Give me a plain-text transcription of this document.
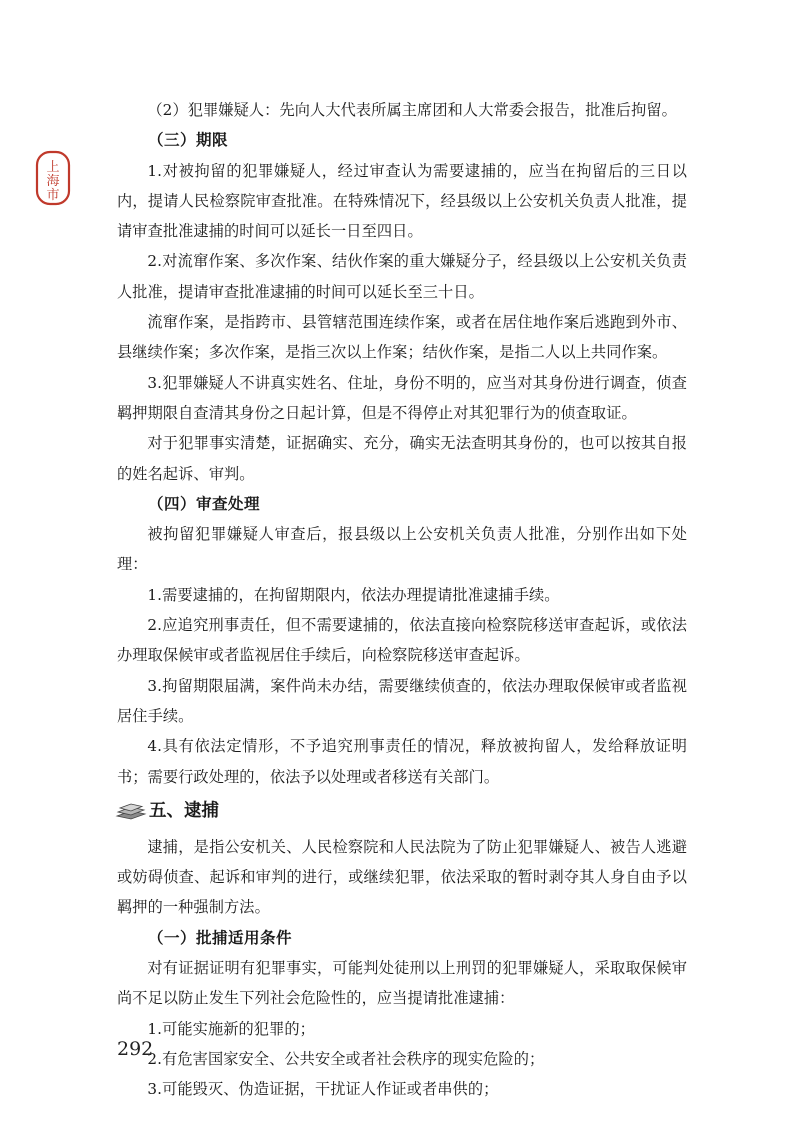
上
海
市

（2）犯罪嫌疑人：先向人大代表所属主席团和人大常委会报告，批准后拘留。

（三）期限

1.对被拘留的犯罪嫌疑人，经过审查认为需要逮捕的，应当在拘留后的三日以内，提请人民检察院审查批准。在特殊情况下，经县级以上公安机关负责人批准，提请审查批准逮捕的时间可以延长一日至四日。

2.对流窜作案、多次作案、结伙作案的重大嫌疑分子，经县级以上公安机关负责人批准，提请审查批准逮捕的时间可以延长至三十日。

流窜作案，是指跨市、县管辖范围连续作案，或者在居住地作案后逃跑到外市、县继续作案；多次作案，是指三次以上作案；结伙作案，是指二人以上共同作案。

3.犯罪嫌疑人不讲真实姓名、住址，身份不明的，应当对其身份进行调查，侦查羁押期限自查清其身份之日起计算，但是不得停止对其犯罪行为的侦查取证。

对于犯罪事实清楚，证据确实、充分，确实无法查明其身份的，也可以按其自报的姓名起诉、审判。

（四）审查处理

被拘留犯罪嫌疑人审查后，报县级以上公安机关负责人批准，分别作出如下处理：

1.需要逮捕的，在拘留期限内，依法办理提请批准逮捕手续。

2.应追究刑事责任，但不需要逮捕的，依法直接向检察院移送审查起诉，或依法办理取保候审或者监视居住手续后，向检察院移送审查起诉。

3.拘留期限届满，案件尚未办结，需要继续侦查的，依法办理取保候审或者监视居住手续。

4.具有依法定情形，不予追究刑事责任的情况，释放被拘留人，发给释放证明书；需要行政处理的，依法予以处理或者移送有关部门。

五、逮捕

逮捕，是指公安机关、人民检察院和人民法院为了防止犯罪嫌疑人、被告人逃避或妨碍侦查、起诉和审判的进行，或继续犯罪，依法采取的暂时剥夺其人身自由予以羁押的一种强制方法。

（一）批捕适用条件

对有证据证明有犯罪事实，可能判处徒刑以上刑罚的犯罪嫌疑人，采取取保候审尚不足以防止发生下列社会危险性的，应当提请批准逮捕：

1.可能实施新的犯罪的；

2.有危害国家安全、公共安全或者社会秩序的现实危险的；

3.可能毁灭、伪造证据，干扰证人作证或者串供的；

292
